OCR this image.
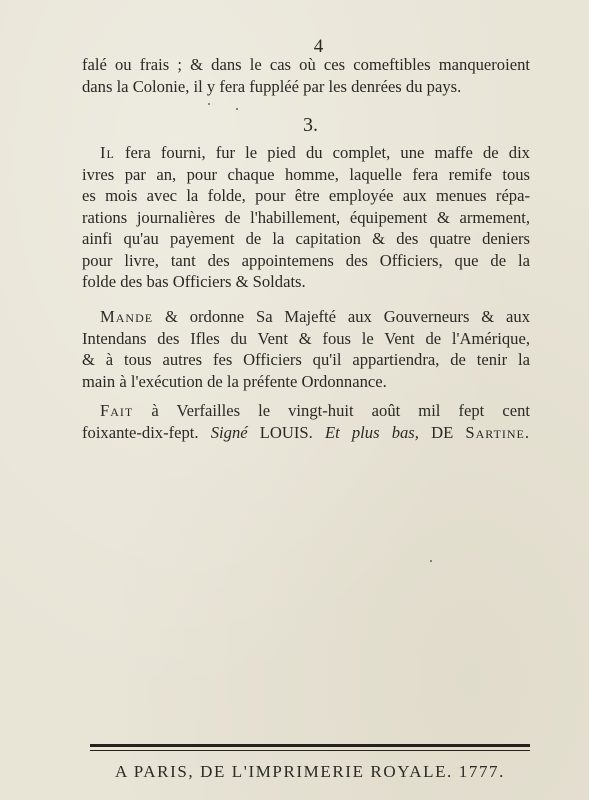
4
falé ou frais ; & dans le cas où ces comeftibles manqueroient
dans la Colonie, il y fera fuppléé par les denrées du pays.
3.
Il fera fourni, fur le pied du complet, une maffe de dix
ivres par an, pour chaque homme, laquelle fera remife tous
es mois avec la folde, pour être employée aux menues répa-
rations journalières de l'habillement, équipement & armement,
ainfi qu'au payement de la capitation & des quatre deniers
pour livre, tant des appointemens des Officiers, que de la
folde des bas Officiers & Soldats.
Mande & ordonne Sa Majefté aux Gouverneurs & aux
Intendans des Ifles du Vent & fous le Vent de l'Amérique,
& à tous autres fes Officiers qu'il appartiendra, de tenir la
main à l'exécution de la préfente Ordonnance.
Fait à Verfailles le vingt-huit août mil fept cent
foixante-dix-fept. Signé LOUIS. Et plus bas, DE Sartine.
A PARIS, DE L'IMPRIMERIE ROYALE. 1777.
